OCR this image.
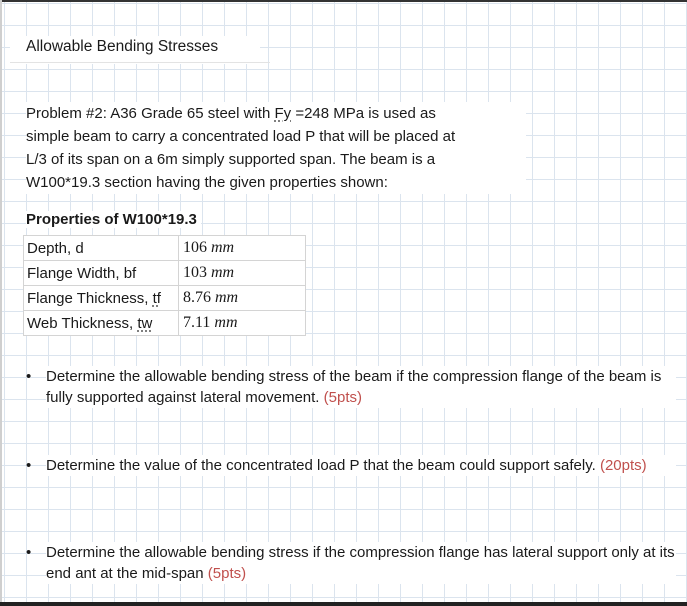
Allowable Bending Stresses
Problem #2: A36 Grade 65 steel with Fy =248 MPa is used as
simple beam to carry a concentrated load P that will be placed at
L/3 of its span on a 6m simply supported span. The beam is a
W100*19.3 section having the given properties shown:
Properties of W100*19.3
Depth, d	106 mm
Flange Width, bf	103 mm
Flange Thickness, tf	8.76 mm
Web Thickness, tw	7.11 mm
• Determine the allowable bending stress of the beam if the compression flange of the beam is fully supported against lateral movement. (5pts)
• Determine the value of the concentrated load P that the beam could support safely. (20pts)
• Determine the allowable bending stress if the compression flange has lateral support only at its end ant at the mid-span (5pts)
